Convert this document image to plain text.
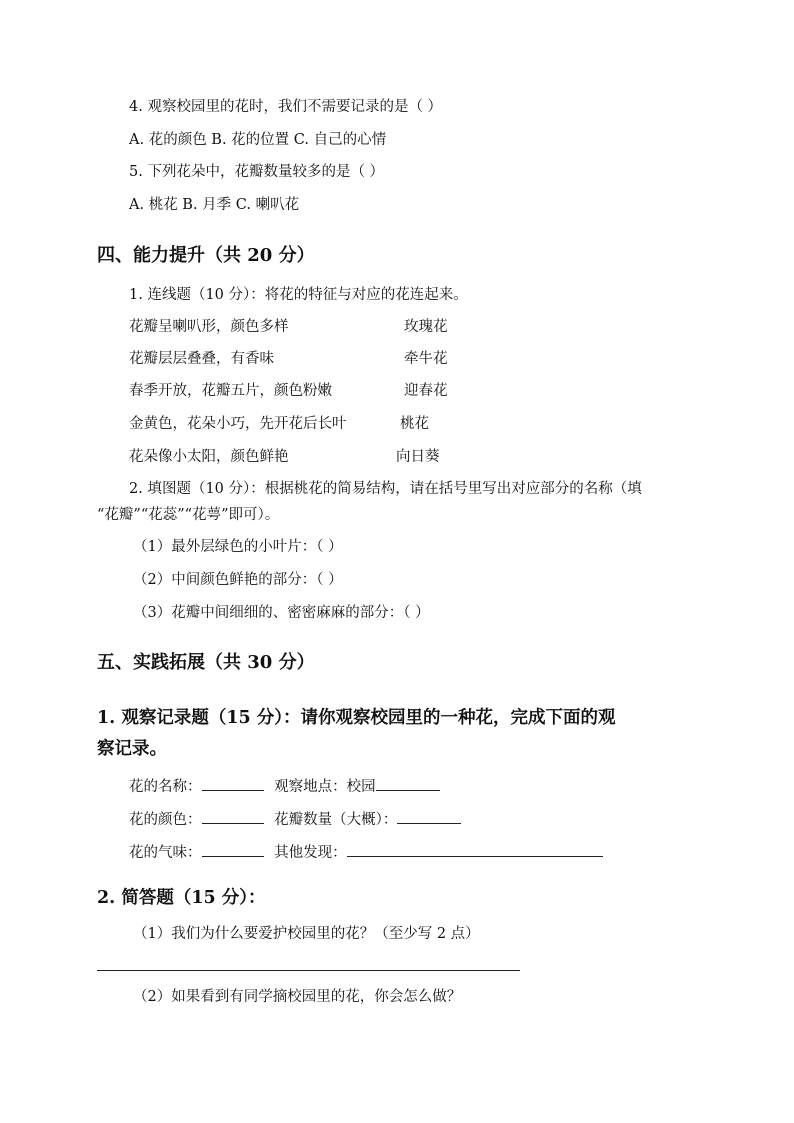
4. 观察校园里的花时，我们不需要记录的是（ ）
A. 花的颜色 B. 花的位置 C. 自己的心情
5. 下列花朵中，花瓣数量较多的是（ ）
A. 桃花 B. 月季 C. 喇叭花
四、能力提升（共 20 分）
1. 连线题（10 分）：将花的特征与对应的花连起来。
花瓣呈喇叭形，颜色多样	玫瑰花
花瓣层层叠叠，有香味	牵牛花
春季开放，花瓣五片，颜色粉嫩	迎春花
金黄色，花朵小巧，先开花后长叶	桃花
花朵像小太阳，颜色鲜艳	向日葵
2. 填图题（10 分）：根据桃花的简易结构，请在括号里写出对应部分的名称（填
“花瓣”“花蕊”“花萼”即可）。
（1）最外层绿色的小叶片：（ ）
（2）中间颜色鲜艳的部分：（ ）
（3）花瓣中间细细的、密密麻麻的部分：（ ）
五、实践拓展（共 30 分）
1. 观察记录题（15 分）：请你观察校园里的一种花，完成下面的观
察记录。
花的名称：	观察地点：校园
花的颜色：	花瓣数量（大概）：
花的气味：	其他发现：
2. 简答题（15 分）：
（1）我们为什么要爱护校园里的花？（至少写 2 点）
（2）如果看到有同学摘校园里的花，你会怎么做？
